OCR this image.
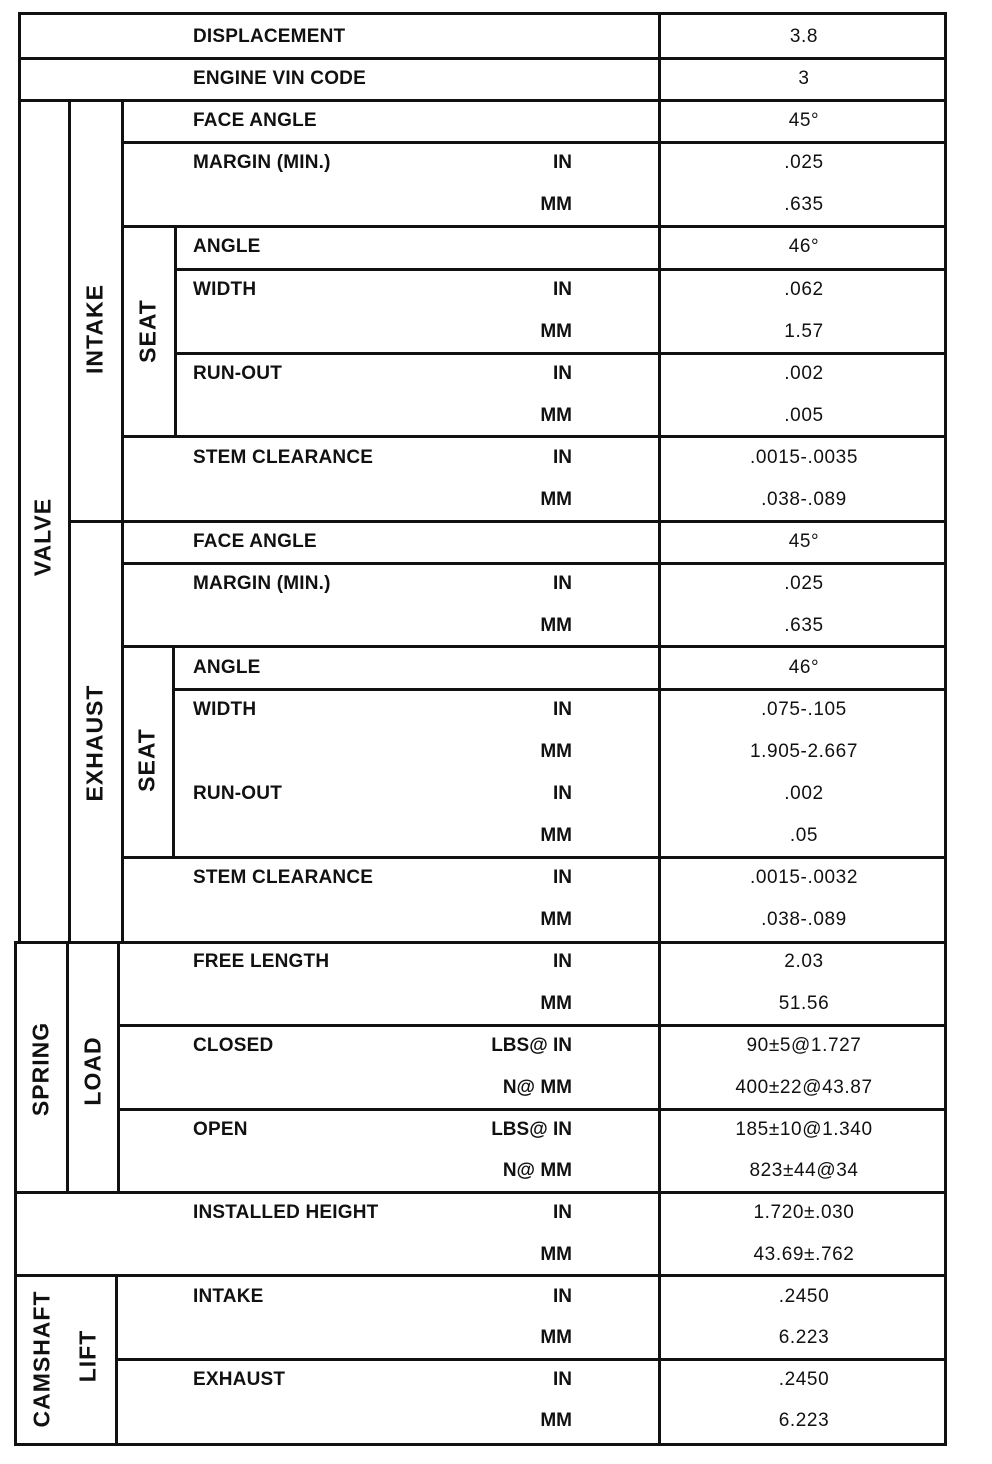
VALVE
INTAKE SEAT
EXHAUST SEAT
SPRING LOAD
CAMSHAFT LIFT
DISPLACEMENT
ENGINE VIN CODE
FACE ANGLE
MARGIN (MIN.)
ANGLE
WIDTH
RUN-OUT
STEM CLEARANCE
FACE ANGLE
MARGIN (MIN.)
ANGLE
WIDTH
RUN-OUT
STEM CLEARANCE
FREE LENGTH
CLOSED
OPEN
INSTALLED HEIGHT
INTAKE
EXHAUST
IN
MM
IN
MM
IN
MM
IN
MM
IN
MM
IN
MM
IN
MM
IN
MM
IN
MM
LBS@ IN
N@ MM
LBS@ IN
N@ MM
IN
MM
IN
MM
IN
MM
3.8
3
45°
.025
.635
46°
.062
1.57
.002
.005
.0015-.0035
.038-.089
45°
.025
.635
46°
.075-.105
1.905-2.667
.002
.05
.0015-.0032
.038-.089
2.03
51.56
90±5@1.727
400±22@43.87
185±10@1.340
823±44@34
1.720±.030
43.69±.762
.2450
6.223
.2450
6.223
